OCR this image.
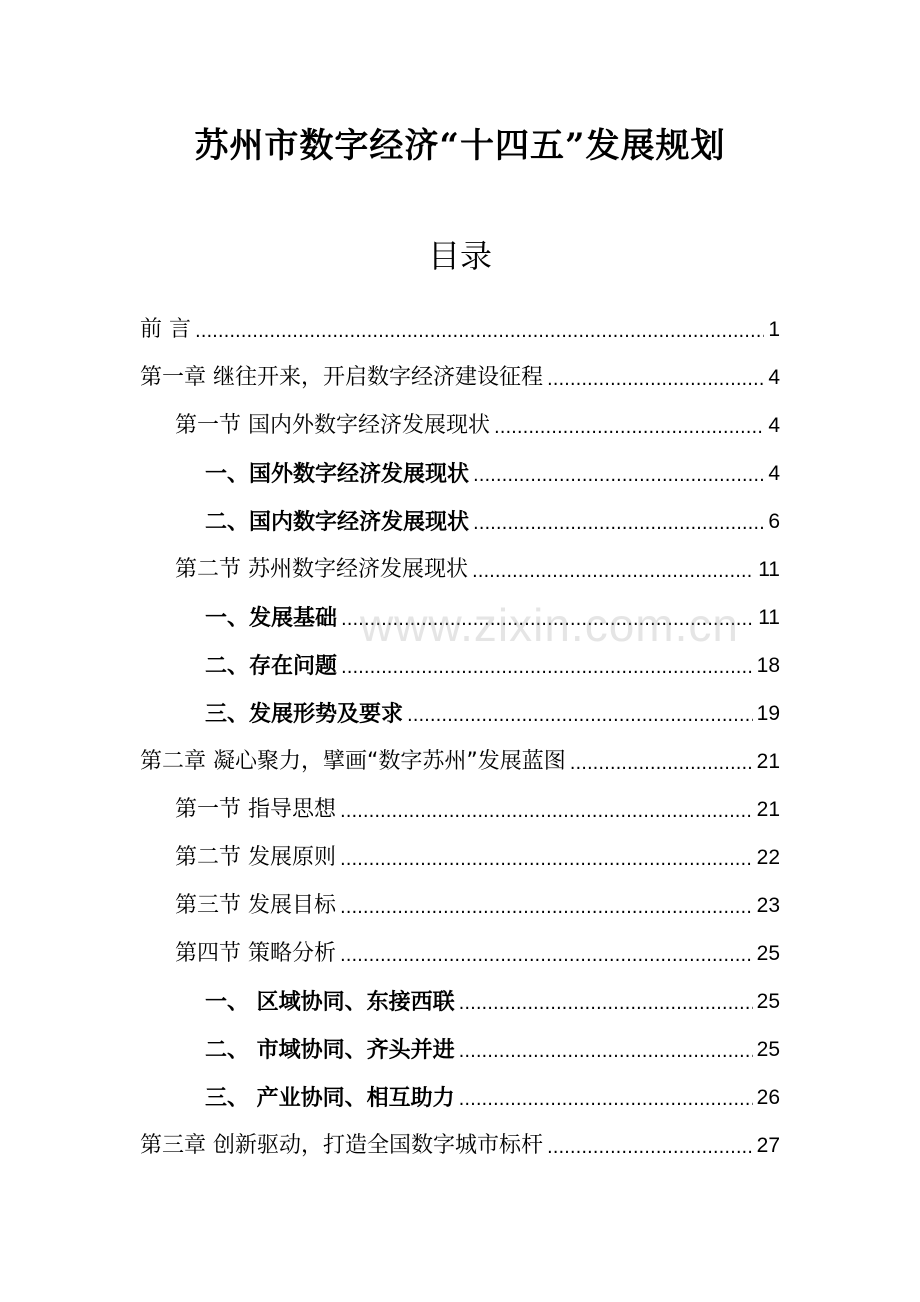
苏州市数字经济“十四五”发展规划
目录
前 言 .....	1
第一章 继往开来，开启数字经济建设征程 .....	4
第一节 国内外数字经济发展现状 .....	4
一、国外数字经济发展现状 .....	4
二、国内数字经济发展现状 .....	6
第二节 苏州数字经济发展现状 .....	11
一、发展基础 .....	11
二、存在问题 .....	18
三、发展形势及要求 .....	19
第二章 凝心聚力，擘画“数字苏州”发展蓝图 .....	21
第一节 指导思想 .....	21
第二节 发展原则 .....	22
第三节 发展目标 .....	23
第四节 策略分析 .....	25
一、 区域协同、东接西联 .....	25
二、 市域协同、齐头并进 .....	25
三、 产业协同、相互助力 .....	26
第三章 创新驱动，打造全国数字城市标杆 .....	27
www.zixin.com.cn
